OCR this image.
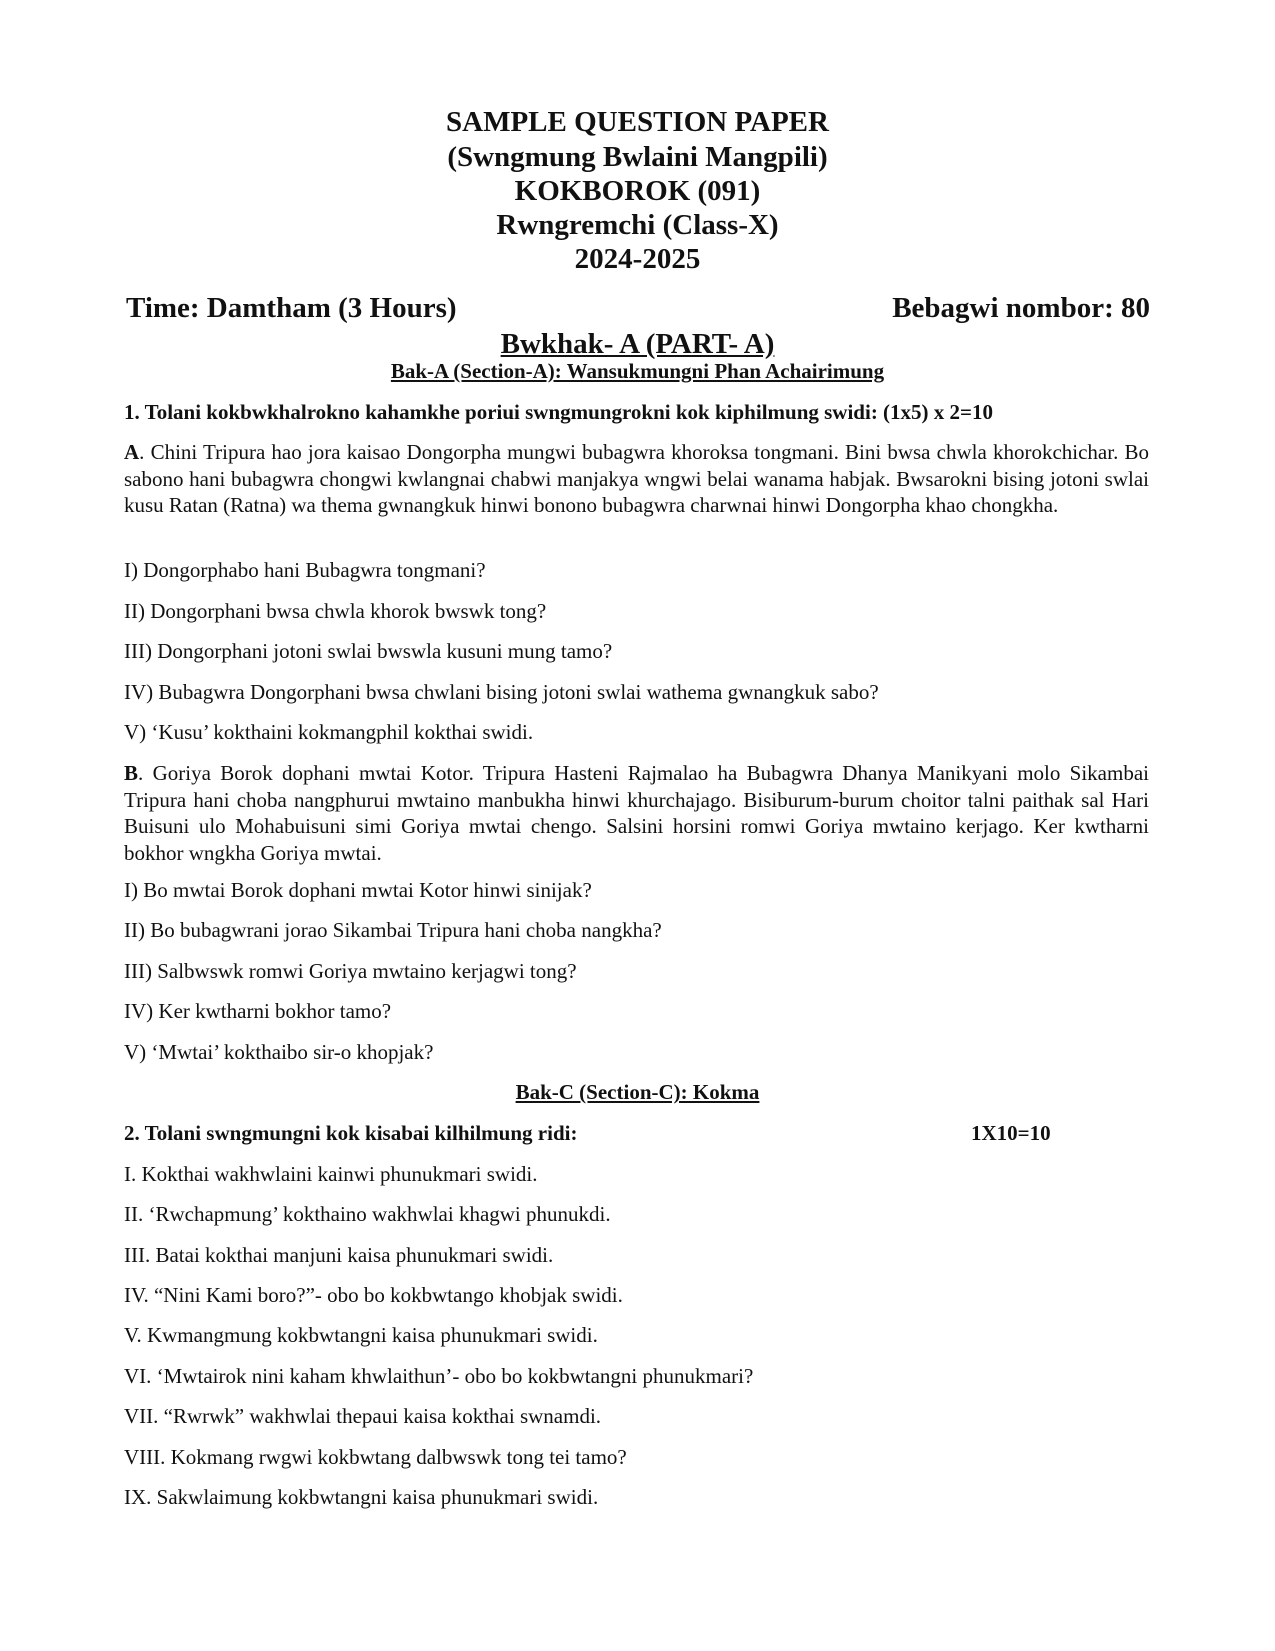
SAMPLE QUESTION PAPER
(Swngmung Bwlaini Mangpili)
KOKBOROK (091)
Rwngremchi (Class-X)
2024-2025
Time: Damtham (3 Hours)	Bebagwi nombor: 80
Bwkhak- A (PART- A)
Bak-A (Section-A): Wansukmungni Phan Achairimung
1. Tolani kokbwkhalrokno kahamkhe poriui swngmungrokni kok kiphilmung swidi: (1x5) x 2=10
A. Chini Tripura hao jora kaisao Dongorpha mungwi bubagwra khoroksa tongmani. Bini bwsa chwla khorokchichar. Bo sabono hani bubagwra chongwi kwlangnai chabwi manjakya wngwi belai wanama habjak. Bwsarokni bising jotoni swlai kusu Ratan (Ratna) wa thema gwnangkuk hinwi bonono bubagwra charwnai hinwi Dongorpha khao chongkha.
I) Dongorphabo hani Bubagwra tongmani?
II) Dongorphani bwsa chwla khorok bwswk tong?
III) Dongorphani jotoni swlai bwswla kusuni mung tamo?
IV) Bubagwra Dongorphani bwsa chwlani bising jotoni swlai wathema gwnangkuk sabo?
V) ‘Kusu’ kokthaini kokmangphil kokthai swidi.
B. Goriya Borok dophani mwtai Kotor. Tripura Hasteni Rajmalao ha Bubagwra Dhanya Manikyani molo Sikambai Tripura hani choba nangphurui mwtaino manbukha hinwi khurchajago. Bisiburum-burum choitor talni paithak sal Hari Buisuni ulo Mohabuisuni simi Goriya mwtai chengo. Salsini horsini romwi Goriya mwtaino kerjago. Ker kwtharni bokhor wngkha Goriya mwtai.
I) Bo mwtai Borok dophani mwtai Kotor hinwi sinijak?
II) Bo bubagwrani jorao Sikambai Tripura hani choba nangkha?
III) Salbwswk romwi Goriya mwtaino kerjagwi tong?
IV) Ker kwtharni bokhor tamo?
V) ‘Mwtai’ kokthaibo sir-o khopjak?
Bak-C (Section-C): Kokma
2. Tolani swngmungni kok kisabai kilhilmung ridi:	1X10=10
I. Kokthai wakhwlaini kainwi phunukmari swidi.
II. ‘Rwchapmung’ kokthaino wakhwlai khagwi phunukdi.
III. Batai kokthai manjuni kaisa phunukmari swidi.
IV. “Nini Kami boro?”- obo bo kokbwtango khobjak swidi.
V. Kwmangmung kokbwtangni kaisa phunukmari swidi.
VI. ‘Mwtairok nini kaham khwlaithun’- obo bo kokbwtangni phunukmari?
VII. “Rwrwk” wakhwlai thepaui kaisa kokthai swnamdi.
VIII. Kokmang rwgwi kokbwtang dalbwswk tong tei tamo?
IX. Sakwlaimung kokbwtangni kaisa phunukmari swidi.
